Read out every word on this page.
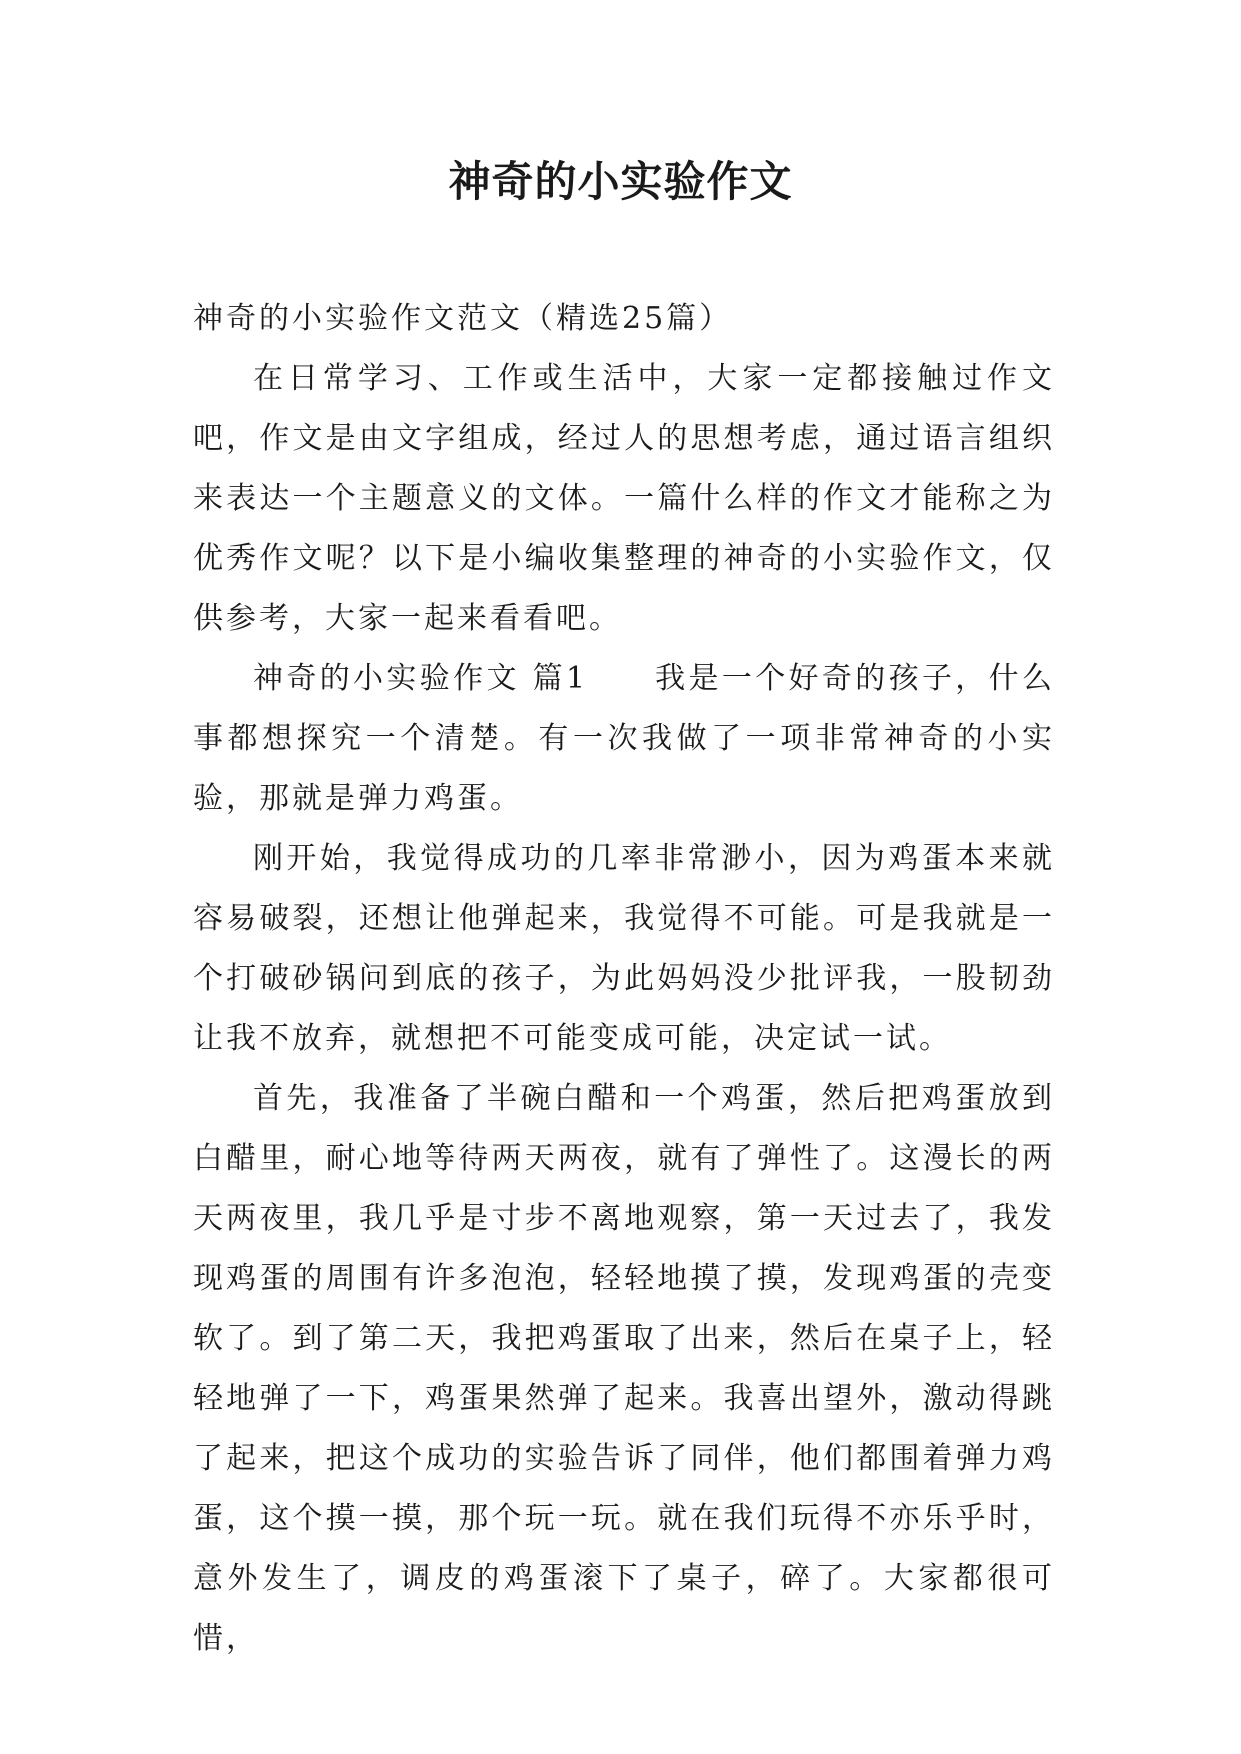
神奇的小实验作文

神奇的小实验作文范文（精选25篇）

在日常学习、工作或生活中，大家一定都接触过作文吧，作文是由文字组成，经过人的思想考虑，通过语言组织来表达一个主题意义的文体。一篇什么样的作文才能称之为优秀作文呢？以下是小编收集整理的神奇的小实验作文，仅供参考，大家一起来看看吧。

神奇的小实验作文 篇1　　我是一个好奇的孩子，什么事都想探究一个清楚。有一次我做了一项非常神奇的小实验，那就是弹力鸡蛋。

刚开始，我觉得成功的几率非常渺小，因为鸡蛋本来就容易破裂，还想让他弹起来，我觉得不可能。可是我就是一个打破砂锅问到底的孩子，为此妈妈没少批评我，一股韧劲让我不放弃，就想把不可能变成可能，决定试一试。

首先，我准备了半碗白醋和一个鸡蛋，然后把鸡蛋放到白醋里，耐心地等待两天两夜，就有了弹性了。这漫长的两天两夜里，我几乎是寸步不离地观察，第一天过去了，我发现鸡蛋的周围有许多泡泡，轻轻地摸了摸，发现鸡蛋的壳变软了。到了第二天，我把鸡蛋取了出来，然后在桌子上，轻轻地弹了一下，鸡蛋果然弹了起来。我喜出望外，激动得跳了起来，把这个成功的实验告诉了同伴，他们都围着弹力鸡蛋，这个摸一摸，那个玩一玩。就在我们玩得不亦乐乎时，意外发生了，调皮的鸡蛋滚下了桌子，碎了。大家都很可惜，
